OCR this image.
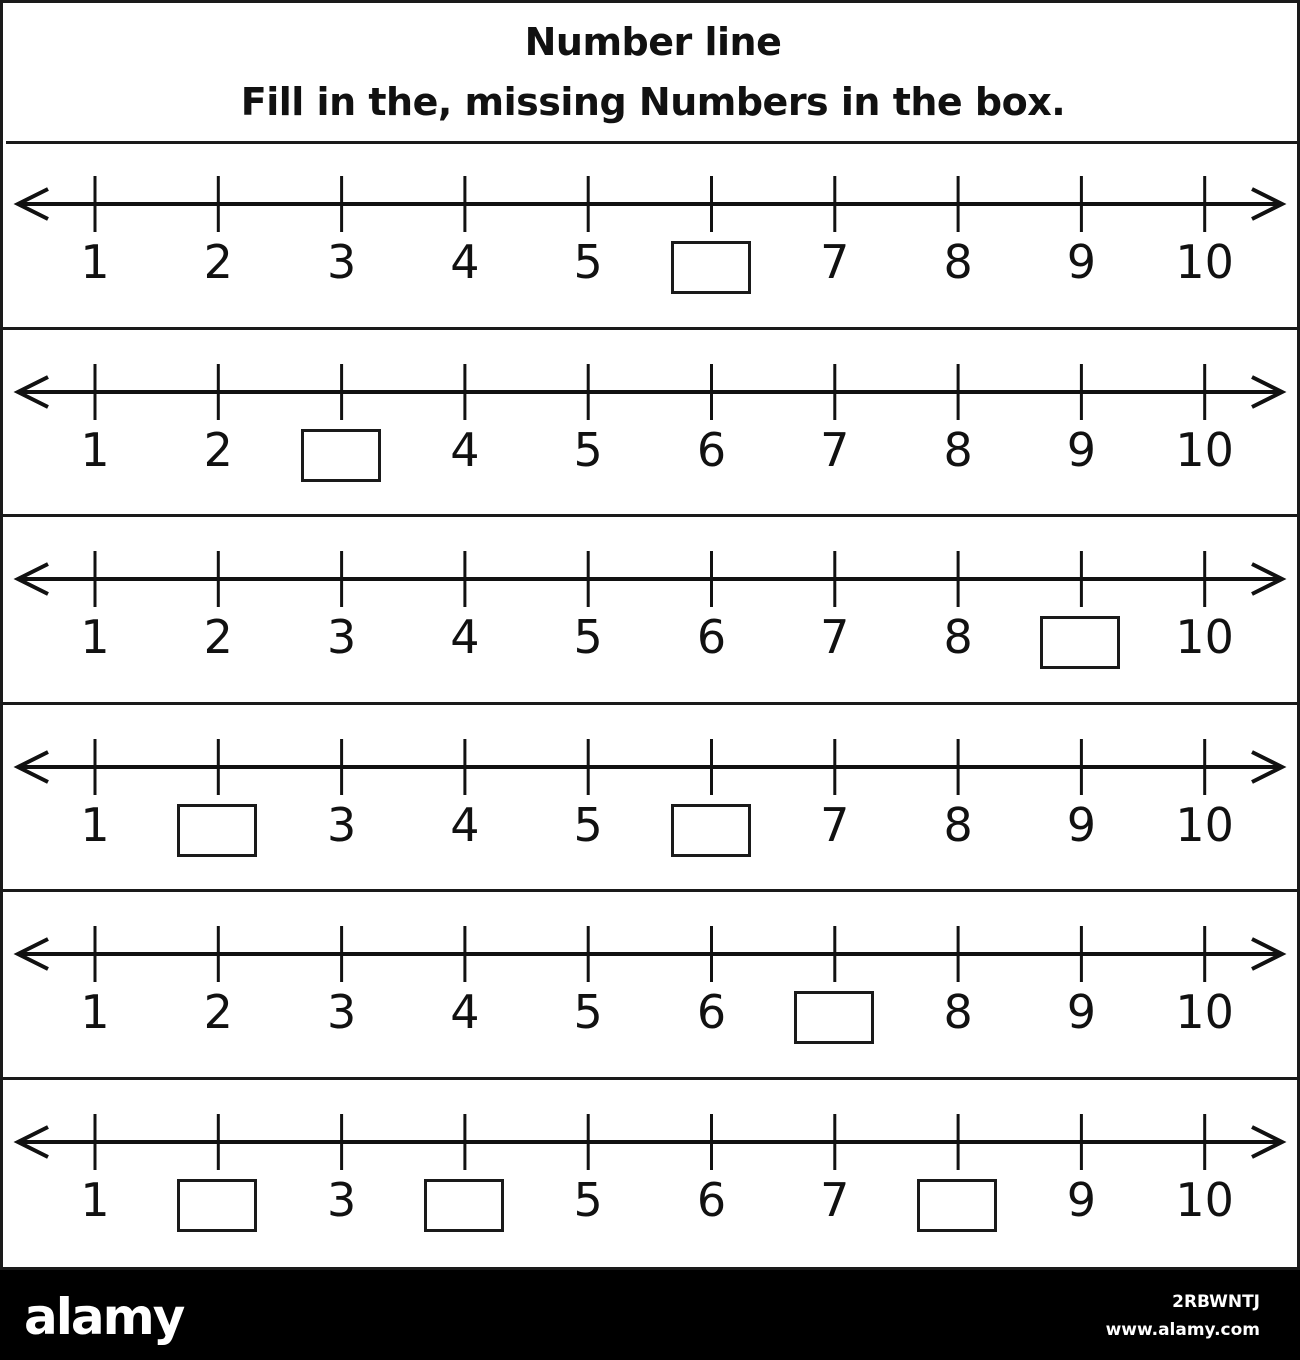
Number line
Fill in the, missing Numbers in the box.
1 2 3 4 5	7 8 9 10
1 2	4 5 6 7 8 9 10
1 2 3 4 5 6 7 8	10
1	3 4 5	7 8 9 10
1 2 3 4 5 6	8 9 10
1	3	5 6 7	9 10
alamy	2RBWNTJ
www.alamy.com
